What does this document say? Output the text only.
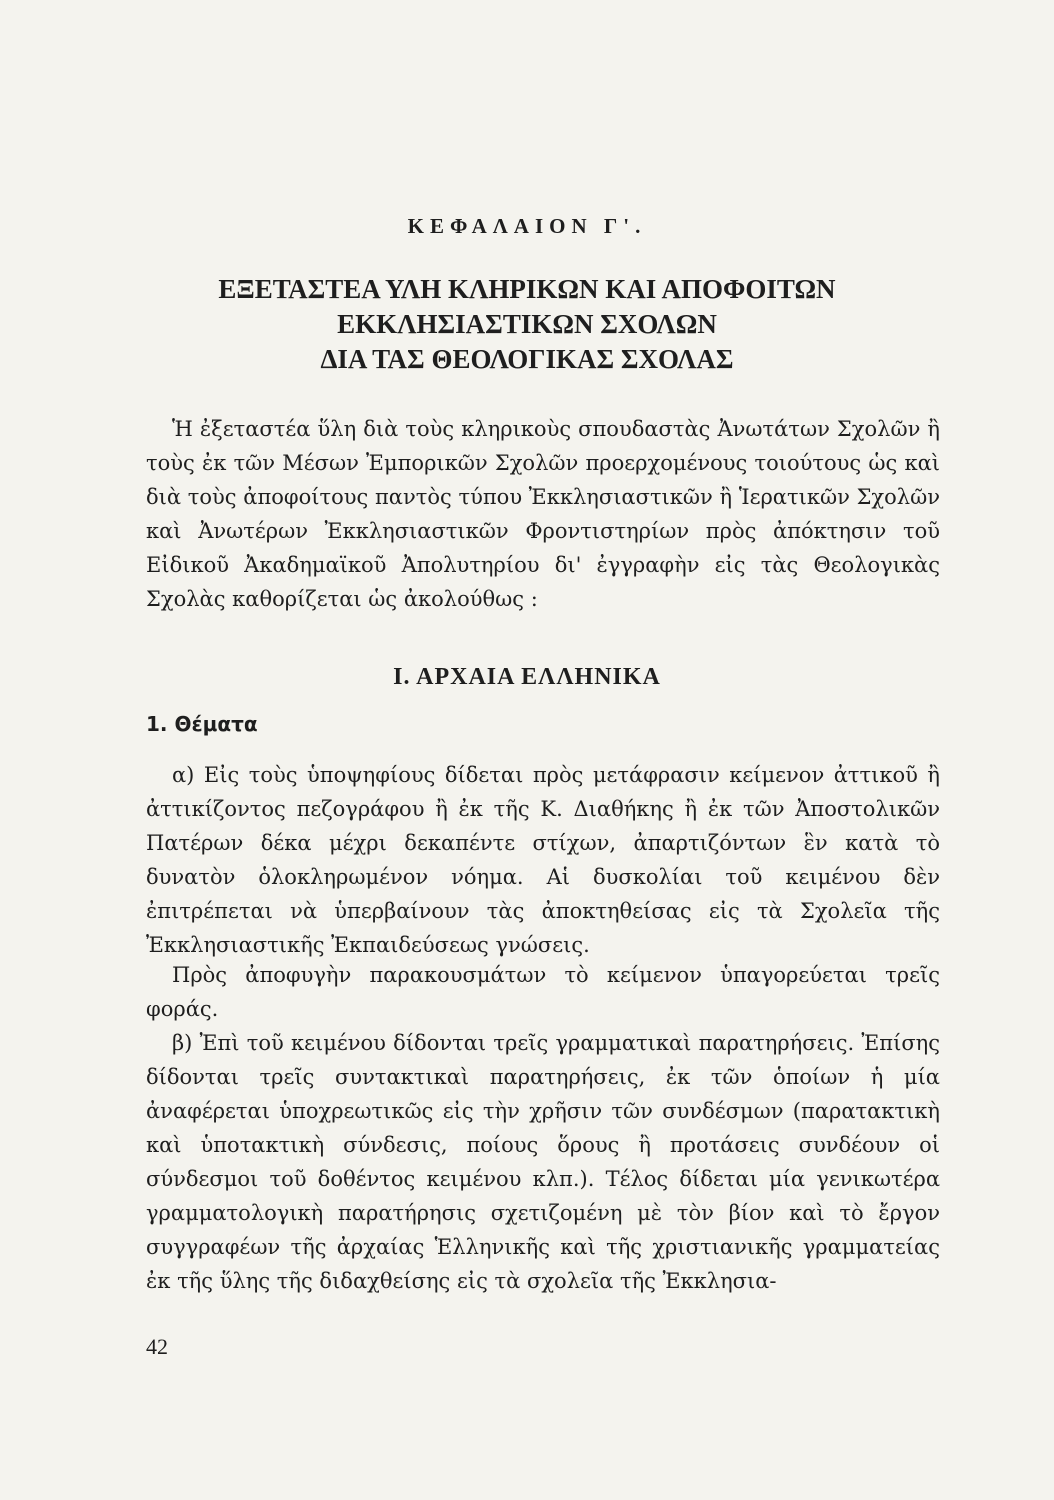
ΚΕΦΑΛΑΙΟΝ Γ'.
ΕΞΕΤΑΣΤΕΑ ΥΛΗ ΚΛΗΡΙΚΩΝ ΚΑΙ ΑΠΟΦΟΙΤΩΝ
ΕΚΚΛΗΣΙΑΣΤΙΚΩΝ ΣΧΟΛΩΝ
ΔΙΑ ΤΑΣ ΘΕΟΛΟΓΙΚΑΣ ΣΧΟΛΑΣ

Ἡ ἐξεταστέα ὕλη διὰ τοὺς κληρικοὺς σπουδαστὰς Ἀνωτάτων Σχολῶν ἢ τοὺς ἐκ τῶν Μέσων Ἐμπορικῶν Σχολῶν προερχομένους τοιούτους ὡς καὶ διὰ τοὺς ἀποφοίτους παντὸς τύπου Ἐκκλησιαστικῶν ἢ Ἱερατικῶν Σχολῶν καὶ Ἀνωτέρων Ἐκκλησιαστικῶν Φροντιστηρίων πρὸς ἀπόκτησιν τοῦ Εἰδικοῦ Ἀκαδημαϊκοῦ Ἀπολυτηρίου δι' ἐγγραφὴν εἰς τὰς Θεολογικὰς Σχολὰς καθορίζεται ὡς ἀκολούθως :

Ι. ΑΡΧΑΙΑ ΕΛΛΗΝΙΚΑ
1. Θέματα

α) Εἰς τοὺς ὑποψηφίους δίδεται πρὸς μετάφρασιν κείμενον ἀττικοῦ ἢ ἀττικίζοντος πεζογράφου ἢ ἐκ τῆς Κ. Διαθήκης ἢ ἐκ τῶν Ἀποστολικῶν Πατέρων δέκα μέχρι δεκαπέντε στίχων, ἀπαρτιζόντων ἓν κατὰ τὸ δυνατὸν ὁλοκληρωμένον νόημα. Αἱ δυσκολίαι τοῦ κειμένου δὲν ἐπιτρέπεται νὰ ὑπερβαίνουν τὰς ἀποκτηθείσας εἰς τὰ Σχολεῖα τῆς Ἐκκλησιαστικῆς Ἐκπαιδεύσεως γνώσεις.

Πρὸς ἀποφυγὴν παρακουσμάτων τὸ κείμενον ὑπαγορεύεται τρεῖς φοράς.

β) Ἐπὶ τοῦ κειμένου δίδονται τρεῖς γραμματικαὶ παρατηρήσεις. Ἐπίσης δίδονται τρεῖς συντακτικαὶ παρατηρήσεις, ἐκ τῶν ὁποίων ἡ μία ἀναφέρεται ὑποχρεωτικῶς εἰς τὴν χρῆσιν τῶν συνδέσμων (παρατακτικὴ καὶ ὑποτακτικὴ σύνδεσις, ποίους ὅρους ἢ προτάσεις συνδέουν οἱ σύνδεσμοι τοῦ δοθέντος κειμένου κλπ.). Τέλος δίδεται μία γενικωτέρα γραμματολογικὴ παρατήρησις σχετιζομένη μὲ τὸν βίον καὶ τὸ ἔργον συγγραφέων τῆς ἀρχαίας Ἑλληνικῆς καὶ τῆς χριστιανικῆς γραμματείας ἐκ τῆς ὕλης τῆς διδαχθείσης εἰς τὰ σχολεῖα τῆς Ἐκκλησια-

42
